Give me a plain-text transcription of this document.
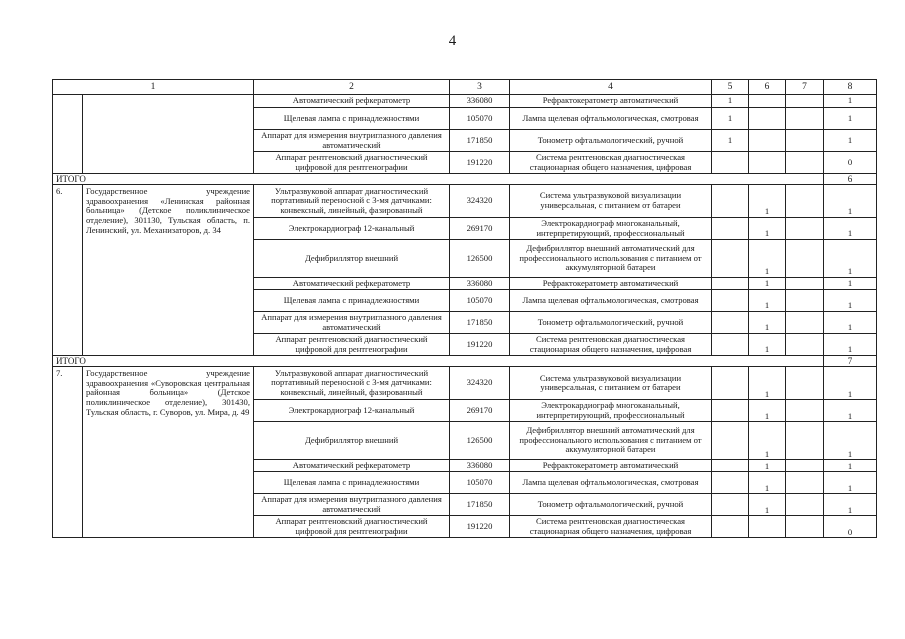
4
1		2	3	4	5	6	7	8
		Автоматический рефкератометр	336080	Рефрактокератометр автоматический	1			1
		Щелевая лампа с принадлежностями	105070	Лампа щелевая офтальмологическая, смотровая	1			1
		Аппарат для измерения внутриглазного давления автоматический	171850	Тонометр офтальмологический, ручной	1			1
		Аппарат рентгеновский диагностический цифровой для рентгенографии	191220	Система рентгеновская диагностическая стационарная общего назначения, цифровая				0
ИТОГО								6
6.	Государственное учреждение здравоохранения «Ленинская районная больница» (Детское поликлиническое отделение), 301130, Тульская область, п. Ленинский, ул. Механизаторов, д. 34	Ультразвуковой аппарат диагностический портативный переносной с 3-мя датчиками: конвексный, линейный, фазированный	324320	Система ультразвуковой визуализации универсальная, с питанием от батареи		1		1
		Электрокардиограф 12-канальный	269170	Электрокардиограф многоканальный, интерпретирующий, профессиональный		1		1
		Дефибриллятор внешний	126500	Дефибриллятор внешний автоматический для профессионального использования с питанием от аккумуляторной батареи		1		1
		Автоматический рефкератометр	336080	Рефрактокератометр автоматический		1		1
		Щелевая лампа с принадлежностями	105070	Лампа щелевая офтальмологическая, смотровая		1		1
		Аппарат для измерения внутриглазного давления автоматический	171850	Тонометр офтальмологический, ручной		1		1
		Аппарат рентгеновский диагностический цифровой для рентгенографии	191220	Система рентгеновская диагностическая стационарная общего назначения, цифровая		1		1
ИТОГО								7
7.	Государственное учреждение здравоохранения «Суворовская центральная районная больница» (Детское поликлиническое отделение), 301430, Тульская область, г. Суворов, ул. Мира, д. 49	Ультразвуковой аппарат диагностический портативный переносной с 3-мя датчиками: конвексный, линейный, фазированный	324320	Система ультразвуковой визуализации универсальная, с питанием от батареи		1		1
		Электрокардиограф 12-канальный	269170	Электрокардиограф многоканальный, интерпретирующий, профессиональный		1		1
		Дефибриллятор внешний	126500	Дефибриллятор внешний автоматический для профессионального использования с питанием от аккумуляторной батареи		1		1
		Автоматический рефкератометр	336080	Рефрактокератометр автоматический		1		1
		Щелевая лампа с принадлежностями	105070	Лампа щелевая офтальмологическая, смотровая		1		1
		Аппарат для измерения внутриглазного давления автоматический	171850	Тонометр офтальмологический, ручной		1		1
		Аппарат рентгеновский диагностический цифровой для рентгенографии	191220	Система рентгеновская диагностическая стационарная общего назначения, цифровая				0
